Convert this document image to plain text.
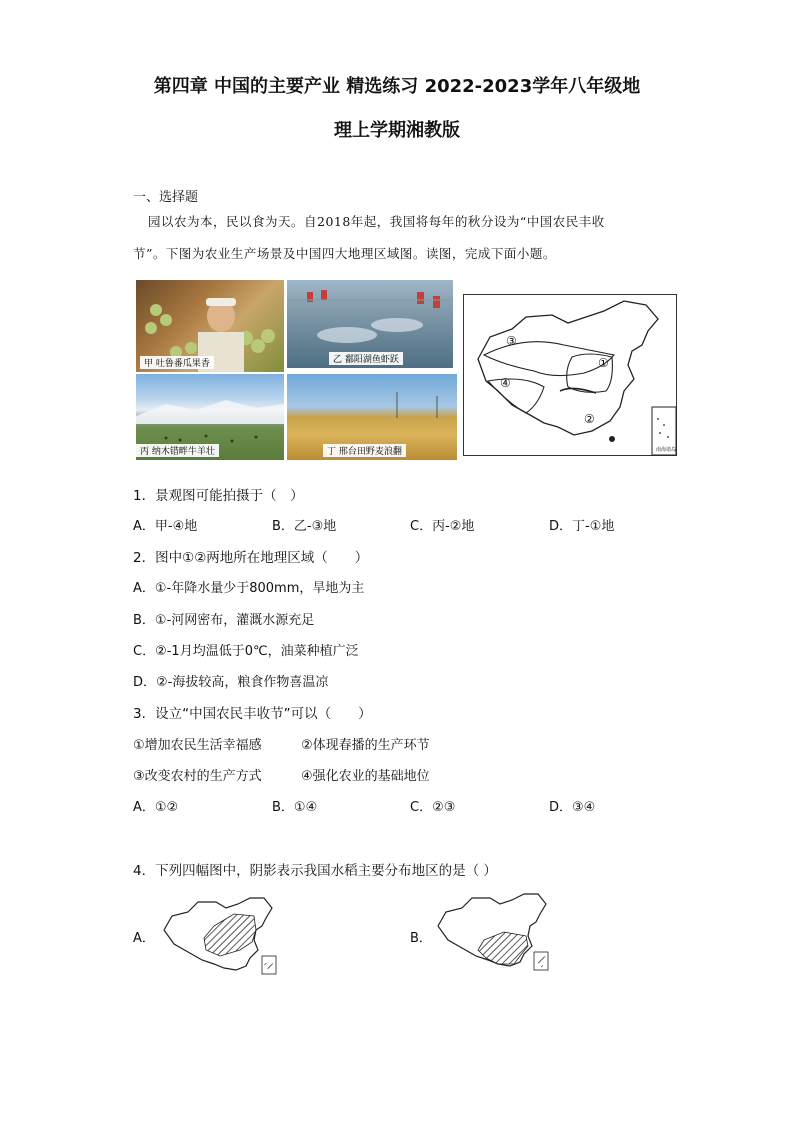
第四章 中国的主要产业 精选练习 2022-2023学年八年级地
理上学期湘教版
一、选择题
园以农为本，民以食为天。自2018年起，我国将每年的秋分设为“中国农民丰收
节”。下图为农业生产场景及中国四大地理区域图。读图，完成下面小题。
甲 吐鲁番瓜果香	乙 鄱阳湖鱼虾跃
丙 纳木错畔牛羊壮	丁 邢台田野麦浪翻	南海诸岛
③
④
①
②
1．景观图可能拍摄于（　）
A．甲-④地	B．乙-③地	C．丙-②地	D．丁-①地
2．图中①②两地所在地理区域（　　）
A．①-年降水量少于800mm，旱地为主
B．①-河网密布，灌溉水源充足
C．②-1月均温低于0℃，油菜种植广泛
D．②-海拔较高，粮食作物喜温凉
3．设立“中国农民丰收节”可以（　　）
①增加农民生活幸福感	②体现春播的生产环节
③改变农村的生产方式	④强化农业的基础地位
A．①②	B．①④	C．②③	D．③④
4．下列四幅图中，阴影表示我国水稻主要分布地区的是（ ）
A．	B．
